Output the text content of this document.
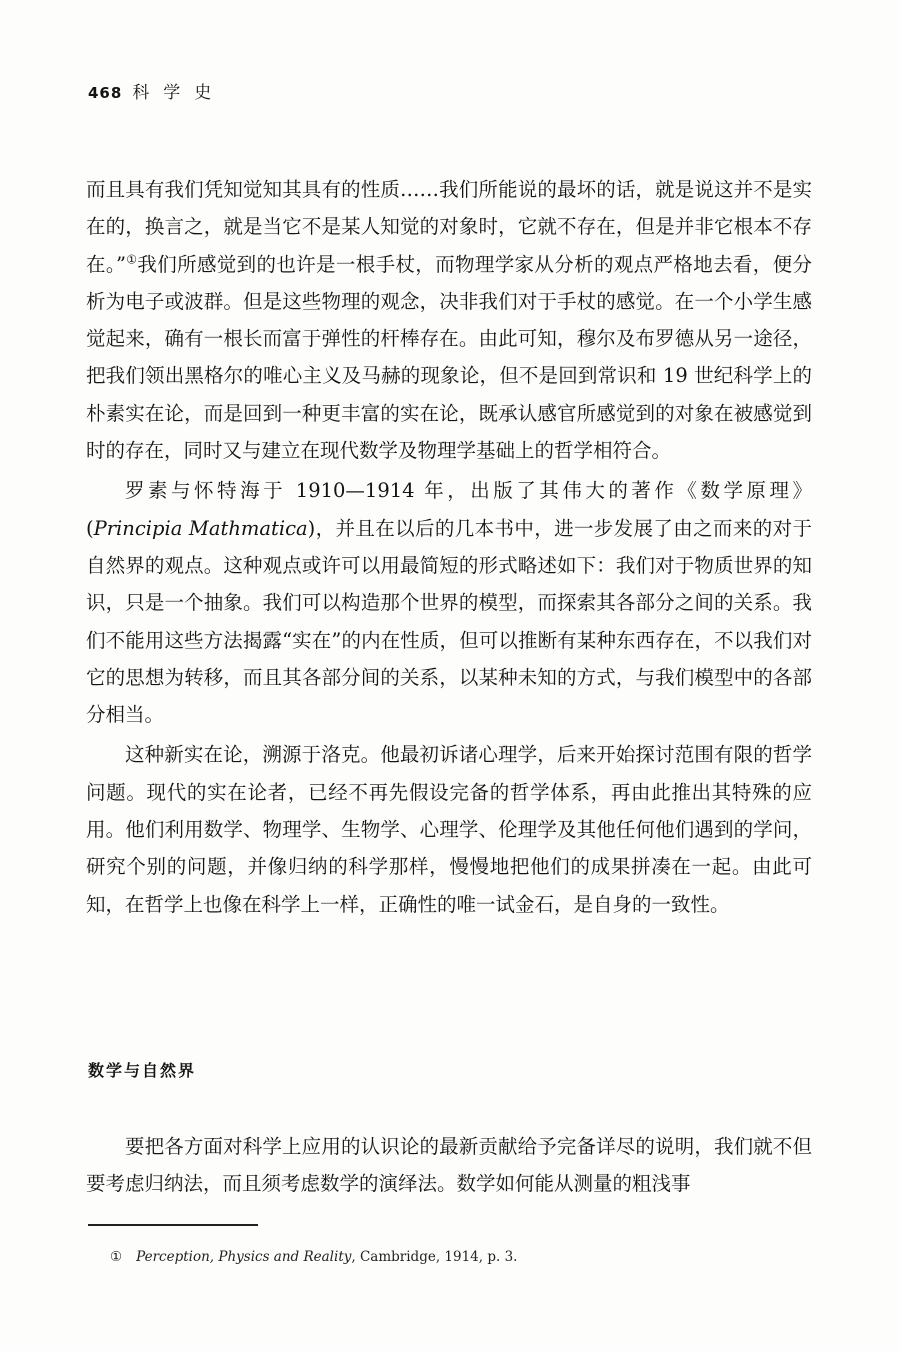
468 科学史

而且具有我们凭知觉知其具有的性质……我们所能说的最坏的话，就是说这并不是实在的，换言之，就是当它不是某人知觉的对象时，它就不存在，但是并非它根本不存在。”①我们所感觉到的也许是一根手杖，而物理学家从分析的观点严格地去看，便分析为电子或波群。但是这些物理的观念，决非我们对于手杖的感觉。在一个小学生感觉起来，确有一根长而富于弹性的杆棒存在。由此可知，穆尔及布罗德从另一途径，把我们领出黑格尔的唯心主义及马赫的现象论，但不是回到常识和 19 世纪科学上的朴素实在论，而是回到一种更丰富的实在论，既承认感官所感觉到的对象在被感觉到时的存在，同时又与建立在现代数学及物理学基础上的哲学相符合。

罗素与怀特海于 1910—1914 年，出版了其伟大的著作《数学原理》(Principia Mathmatica)，并且在以后的几本书中，进一步发展了由之而来的对于自然界的观点。这种观点或许可以用最简短的形式略述如下：我们对于物质世界的知识，只是一个抽象。我们可以构造那个世界的模型，而探索其各部分之间的关系。我们不能用这些方法揭露“实在”的内在性质，但可以推断有某种东西存在，不以我们对它的思想为转移，而且其各部分间的关系，以某种未知的方式，与我们模型中的各部分相当。

这种新实在论，溯源于洛克。他最初诉诸心理学，后来开始探讨范围有限的哲学问题。现代的实在论者，已经不再先假设完备的哲学体系，再由此推出其特殊的应用。他们利用数学、物理学、生物学、心理学、伦理学及其他任何他们遇到的学问，研究个别的问题，并像归纳的科学那样，慢慢地把他们的成果拼凑在一起。由此可知，在哲学上也像在科学上一样，正确性的唯一试金石，是自身的一致性。

数学与自然界

要把各方面对科学上应用的认识论的最新贡献给予完备详尽的说明，我们就不但要考虑归纳法，而且须考虑数学的演绎法。数学如何能从测量的粗浅事

① Perception, Physics and Reality, Cambridge, 1914, p. 3.
